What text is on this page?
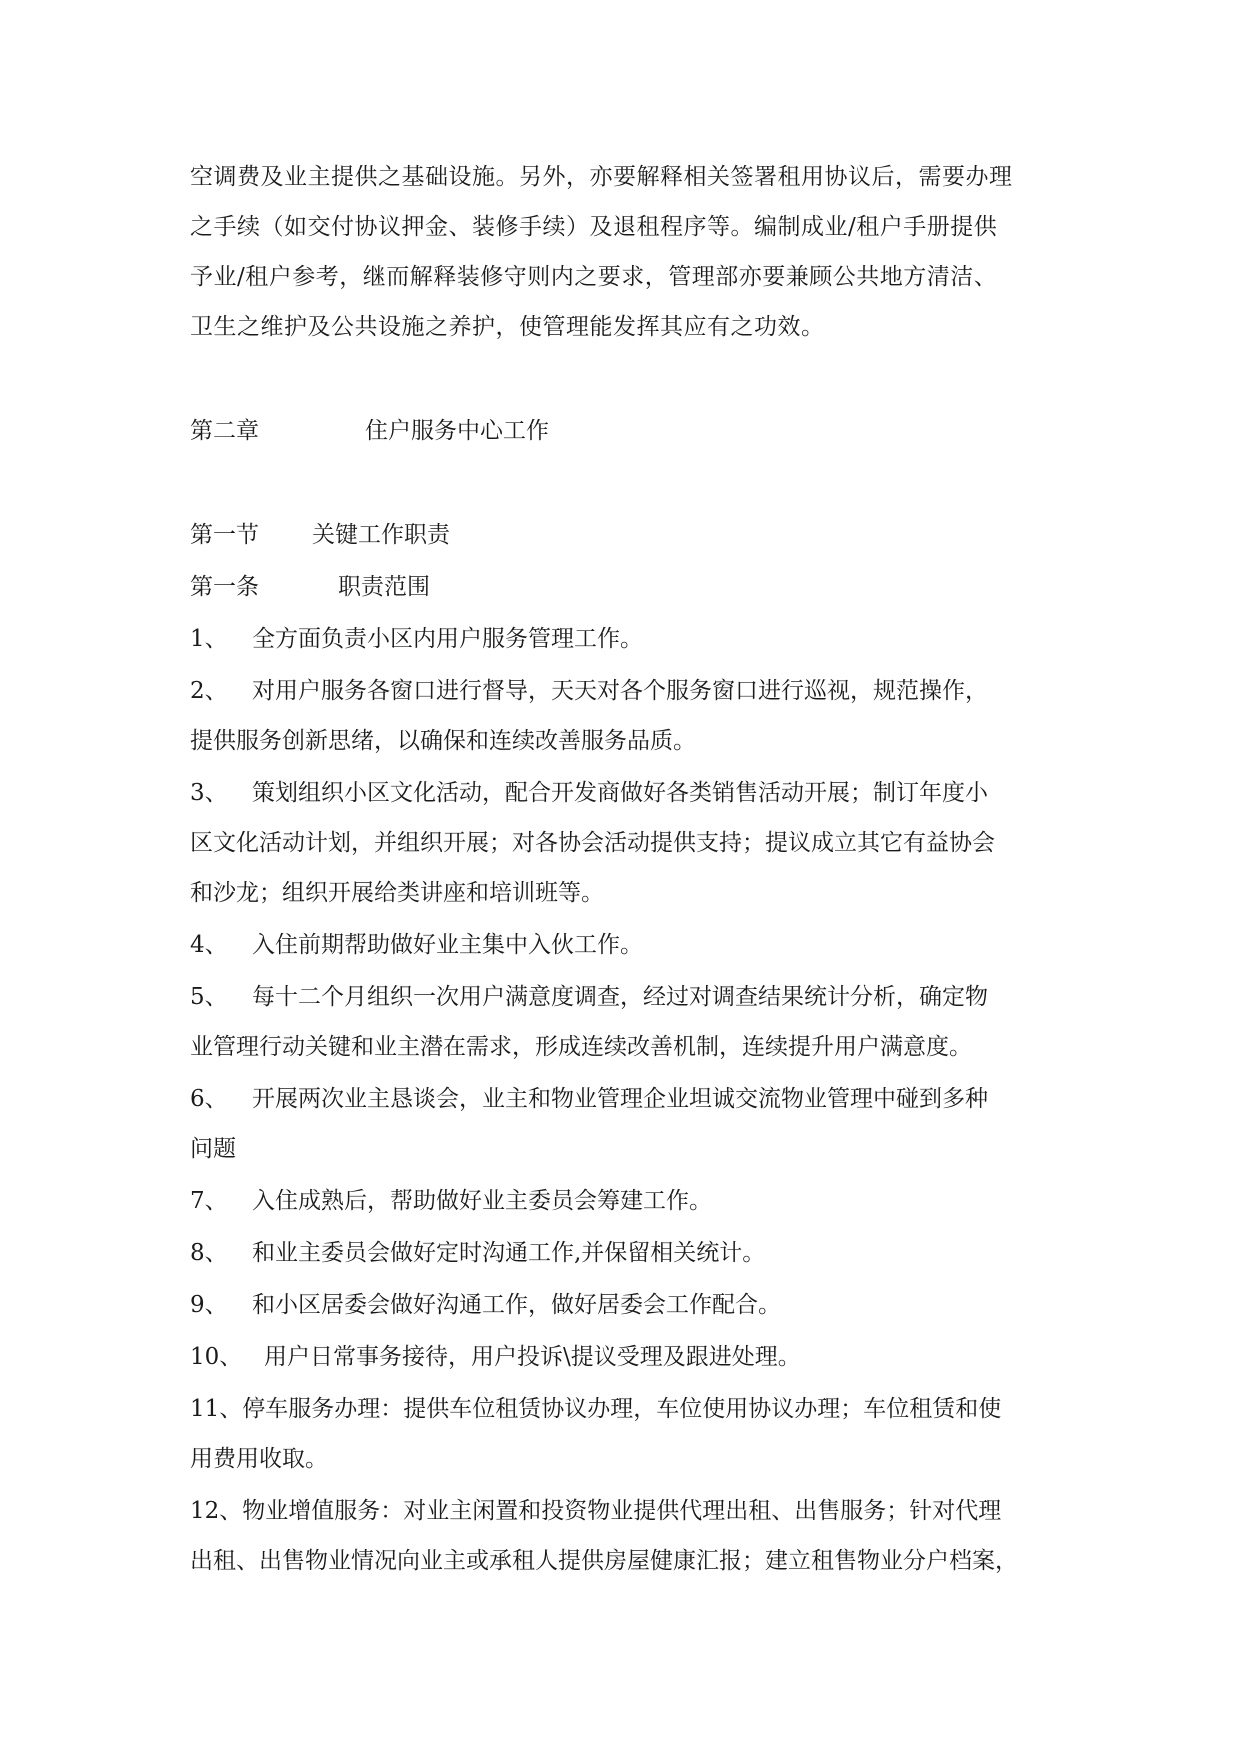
空调费及业主提供之基础设施。另外，亦要解释相关签署租用协议后，需要办理
之手续（如交付协议押金、装修手续）及退租程序等。编制成业/租户手册提供
予业/租户参考，继而解释装修守则内之要求，管理部亦要兼顾公共地方清洁、
卫生之维护及公共设施之养护，使管理能发挥其应有之功效。
第二章	住户服务中心工作
第一节 关键工作职责
第一条	职责范围
1、 全方面负责小区内用户服务管理工作。
2、 对用户服务各窗口进行督导，天天对各个服务窗口进行巡视，规范操作，
提供服务创新思绪，以确保和连续改善服务品质。
3、 策划组织小区文化活动，配合开发商做好各类销售活动开展；制订年度小
区文化活动计划，并组织开展；对各协会活动提供支持；提议成立其它有益协会
和沙龙；组织开展给类讲座和培训班等。
4、 入住前期帮助做好业主集中入伙工作。
5、 每十二个月组织一次用户满意度调查，经过对调查结果统计分析，确定物
业管理行动关键和业主潜在需求，形成连续改善机制，连续提升用户满意度。
6、 开展两次业主恳谈会，业主和物业管理企业坦诚交流物业管理中碰到多种
问题
7、 入住成熟后，帮助做好业主委员会筹建工作。
8、 和业主委员会做好定时沟通工作,并保留相关统计。
9、 和小区居委会做好沟通工作，做好居委会工作配合。
10、 用户日常事务接待，用户投诉\提议受理及跟进处理。
11、停车服务办理：提供车位租赁协议办理，车位使用协议办理；车位租赁和使
用费用收取。
12、物业增值服务：对业主闲置和投资物业提供代理出租、出售服务；针对代理
出租、出售物业情况向业主或承租人提供房屋健康汇报；建立租售物业分户档案，
